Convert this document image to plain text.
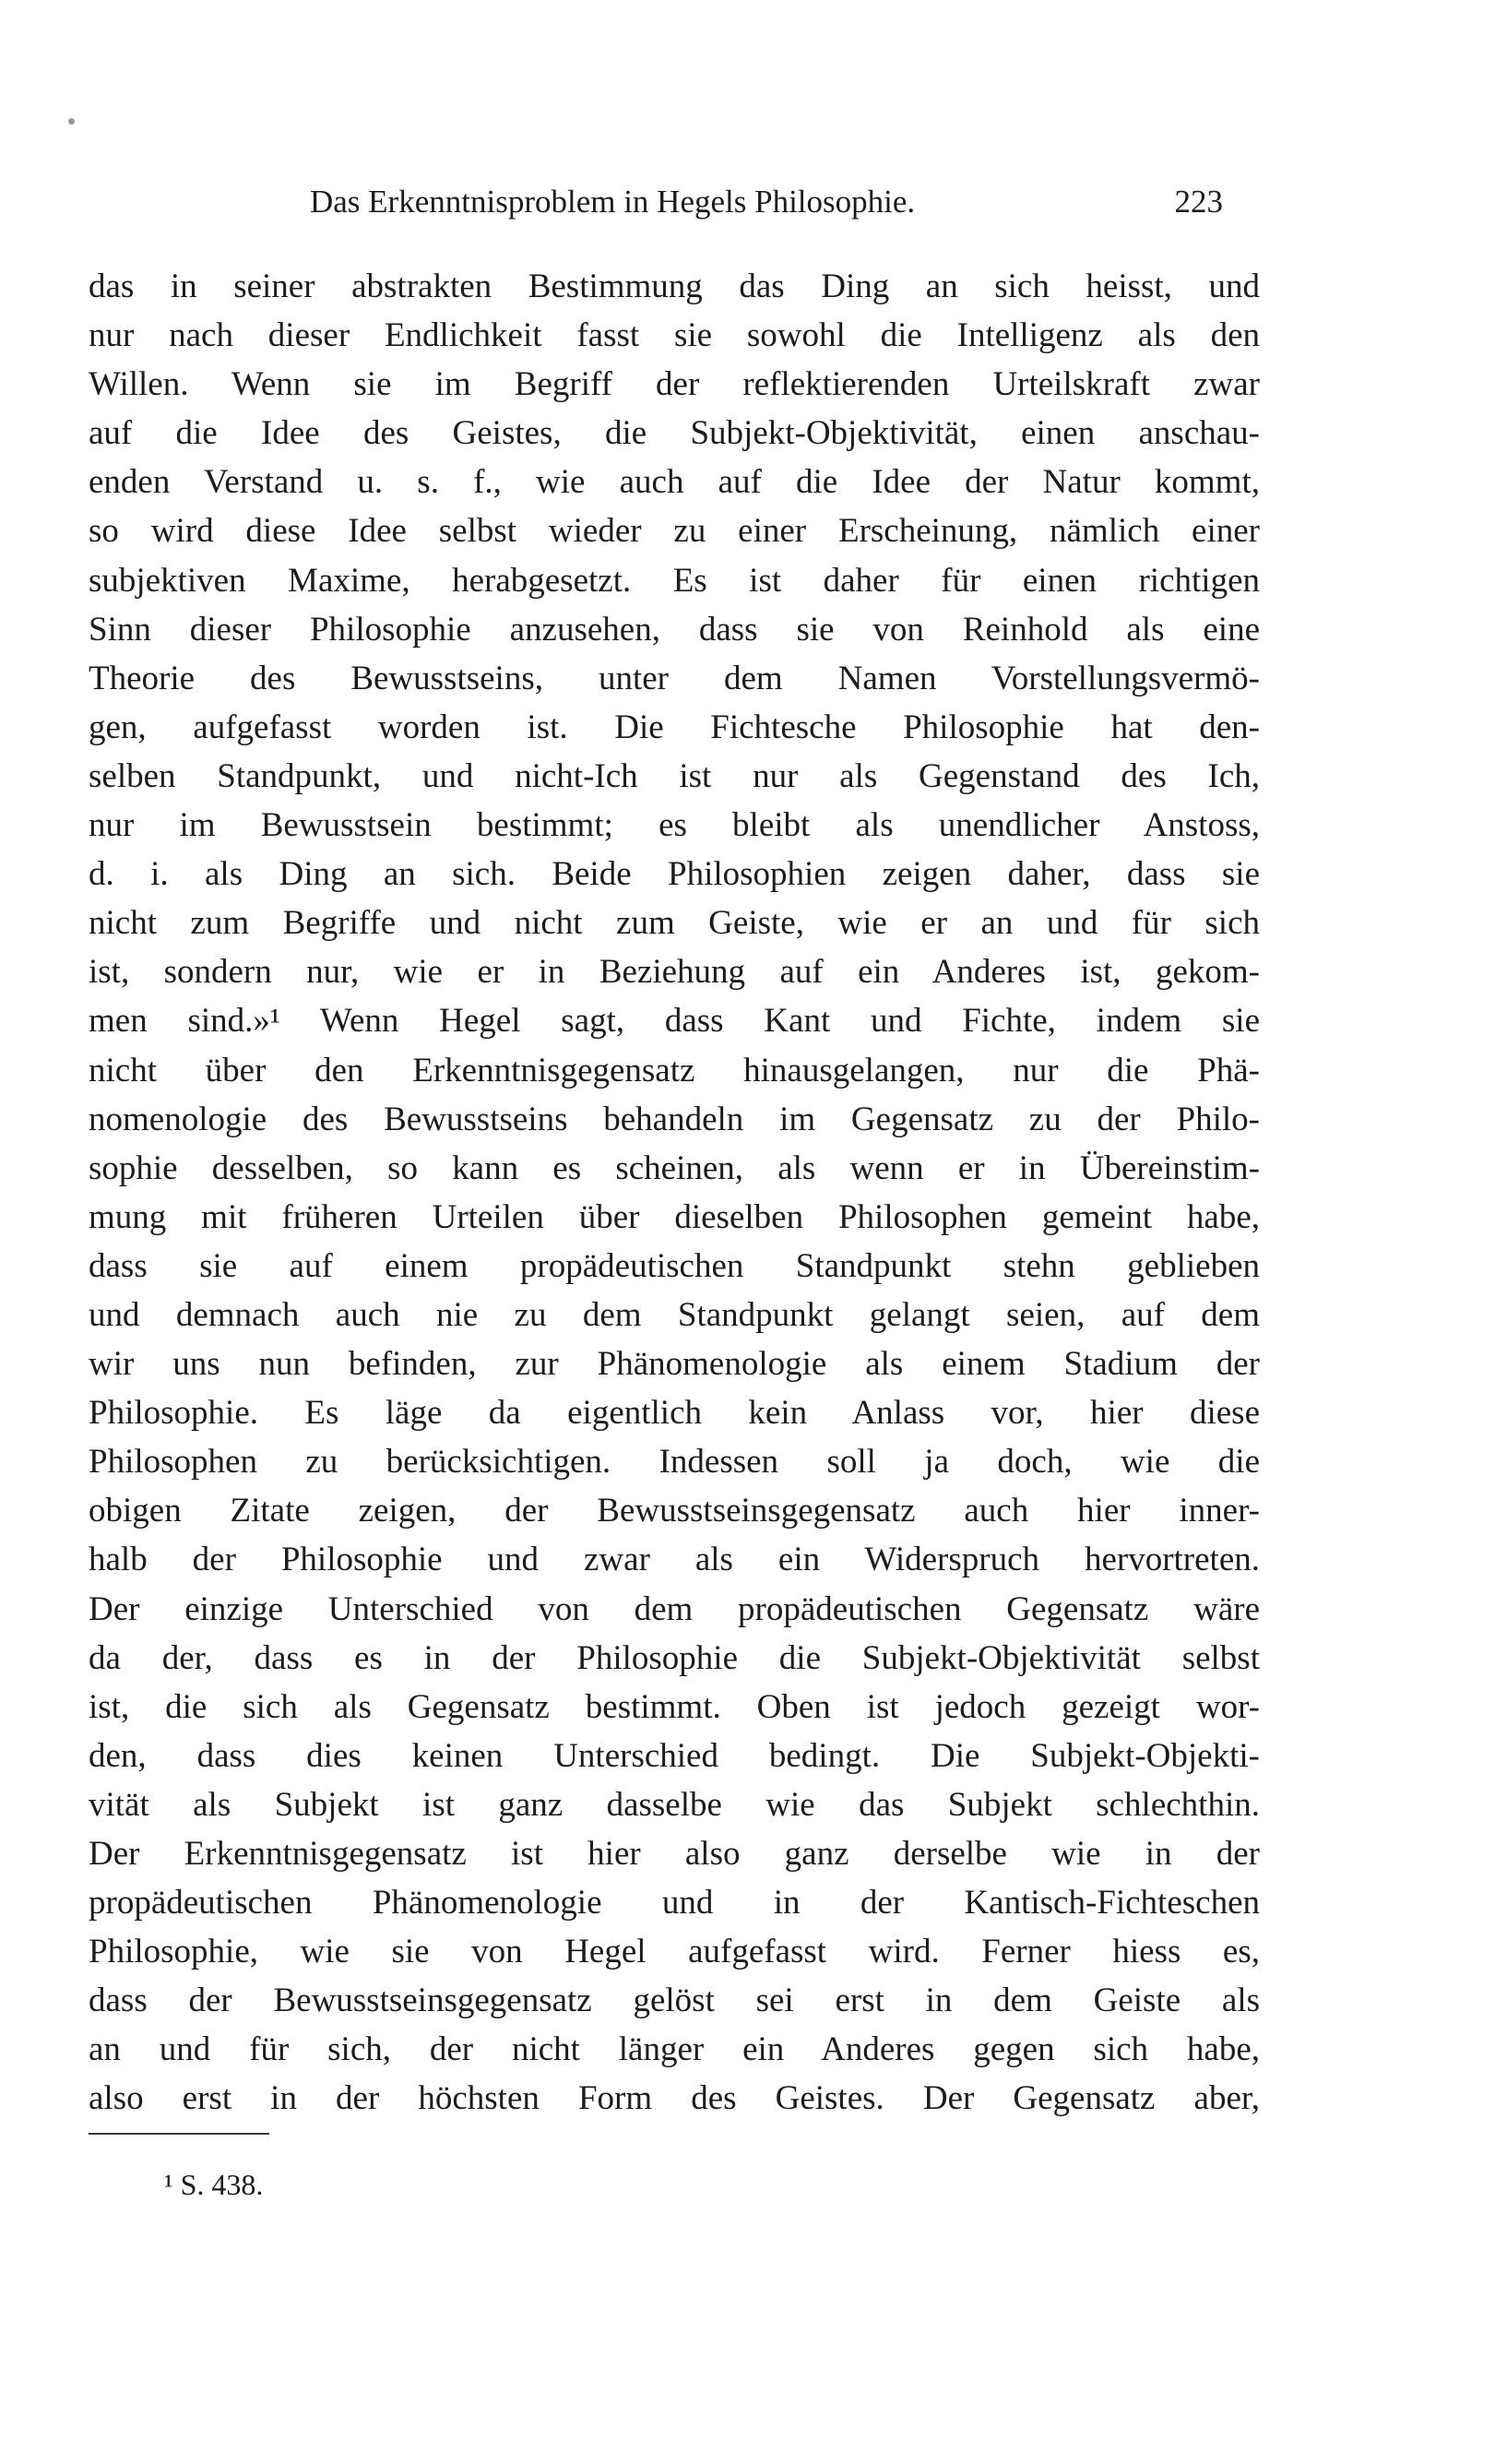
Das Erkenntnisproblem in Hegels Philosophie.	223
das in seiner abstrakten Bestimmung das Ding an sich heisst, und
nur nach dieser Endlichkeit fasst sie sowohl die Intelligenz als den
Willen. Wenn sie im Begriff der reflektierenden Urteilskraft zwar
auf die Idee des Geistes, die Subjekt-Objektivität, einen anschau-
enden Verstand u. s. f., wie auch auf die Idee der Natur kommt,
so wird diese Idee selbst wieder zu einer Erscheinung, nämlich einer
subjektiven Maxime, herabgesetzt. Es ist daher für einen richtigen
Sinn dieser Philosophie anzusehen, dass sie von Reinhold als eine
Theorie des Bewusstseins, unter dem Namen Vorstellungsvermö-
gen, aufgefasst worden ist. Die Fichtesche Philosophie hat den-
selben Standpunkt, und nicht-Ich ist nur als Gegenstand des Ich,
nur im Bewusstsein bestimmt; es bleibt als unendlicher Anstoss,
d. i. als Ding an sich. Beide Philosophien zeigen daher, dass sie
nicht zum Begriffe und nicht zum Geiste, wie er an und für sich
ist, sondern nur, wie er in Beziehung auf ein Anderes ist, gekom-
men sind.»¹ Wenn Hegel sagt, dass Kant und Fichte, indem sie
nicht über den Erkenntnisgegensatz hinausgelangen, nur die Phä-
nomenologie des Bewusstseins behandeln im Gegensatz zu der Philo-
sophie desselben, so kann es scheinen, als wenn er in Übereinstim-
mung mit früheren Urteilen über dieselben Philosophen gemeint habe,
dass sie auf einem propädeutischen Standpunkt stehn geblieben
und demnach auch nie zu dem Standpunkt gelangt seien, auf dem
wir uns nun befinden, zur Phänomenologie als einem Stadium der
Philosophie. Es läge da eigentlich kein Anlass vor, hier diese
Philosophen zu berücksichtigen. Indessen soll ja doch, wie die
obigen Zitate zeigen, der Bewusstseinsgegensatz auch hier inner-
halb der Philosophie und zwar als ein Widerspruch hervortreten.
Der einzige Unterschied von dem propädeutischen Gegensatz wäre
da der, dass es in der Philosophie die Subjekt-Objektivität selbst
ist, die sich als Gegensatz bestimmt. Oben ist jedoch gezeigt wor-
den, dass dies keinen Unterschied bedingt. Die Subjekt-Objekti-
vität als Subjekt ist ganz dasselbe wie das Subjekt schlechthin.
Der Erkenntnisgegensatz ist hier also ganz derselbe wie in der
propädeutischen Phänomenologie und in der Kantisch-Fichteschen
Philosophie, wie sie von Hegel aufgefasst wird. Ferner hiess es,
dass der Bewusstseinsgegensatz gelöst sei erst in dem Geiste als
an und für sich, der nicht länger ein Anderes gegen sich habe,
also erst in der höchsten Form des Geistes. Der Gegensatz aber,
¹ S. 438.
